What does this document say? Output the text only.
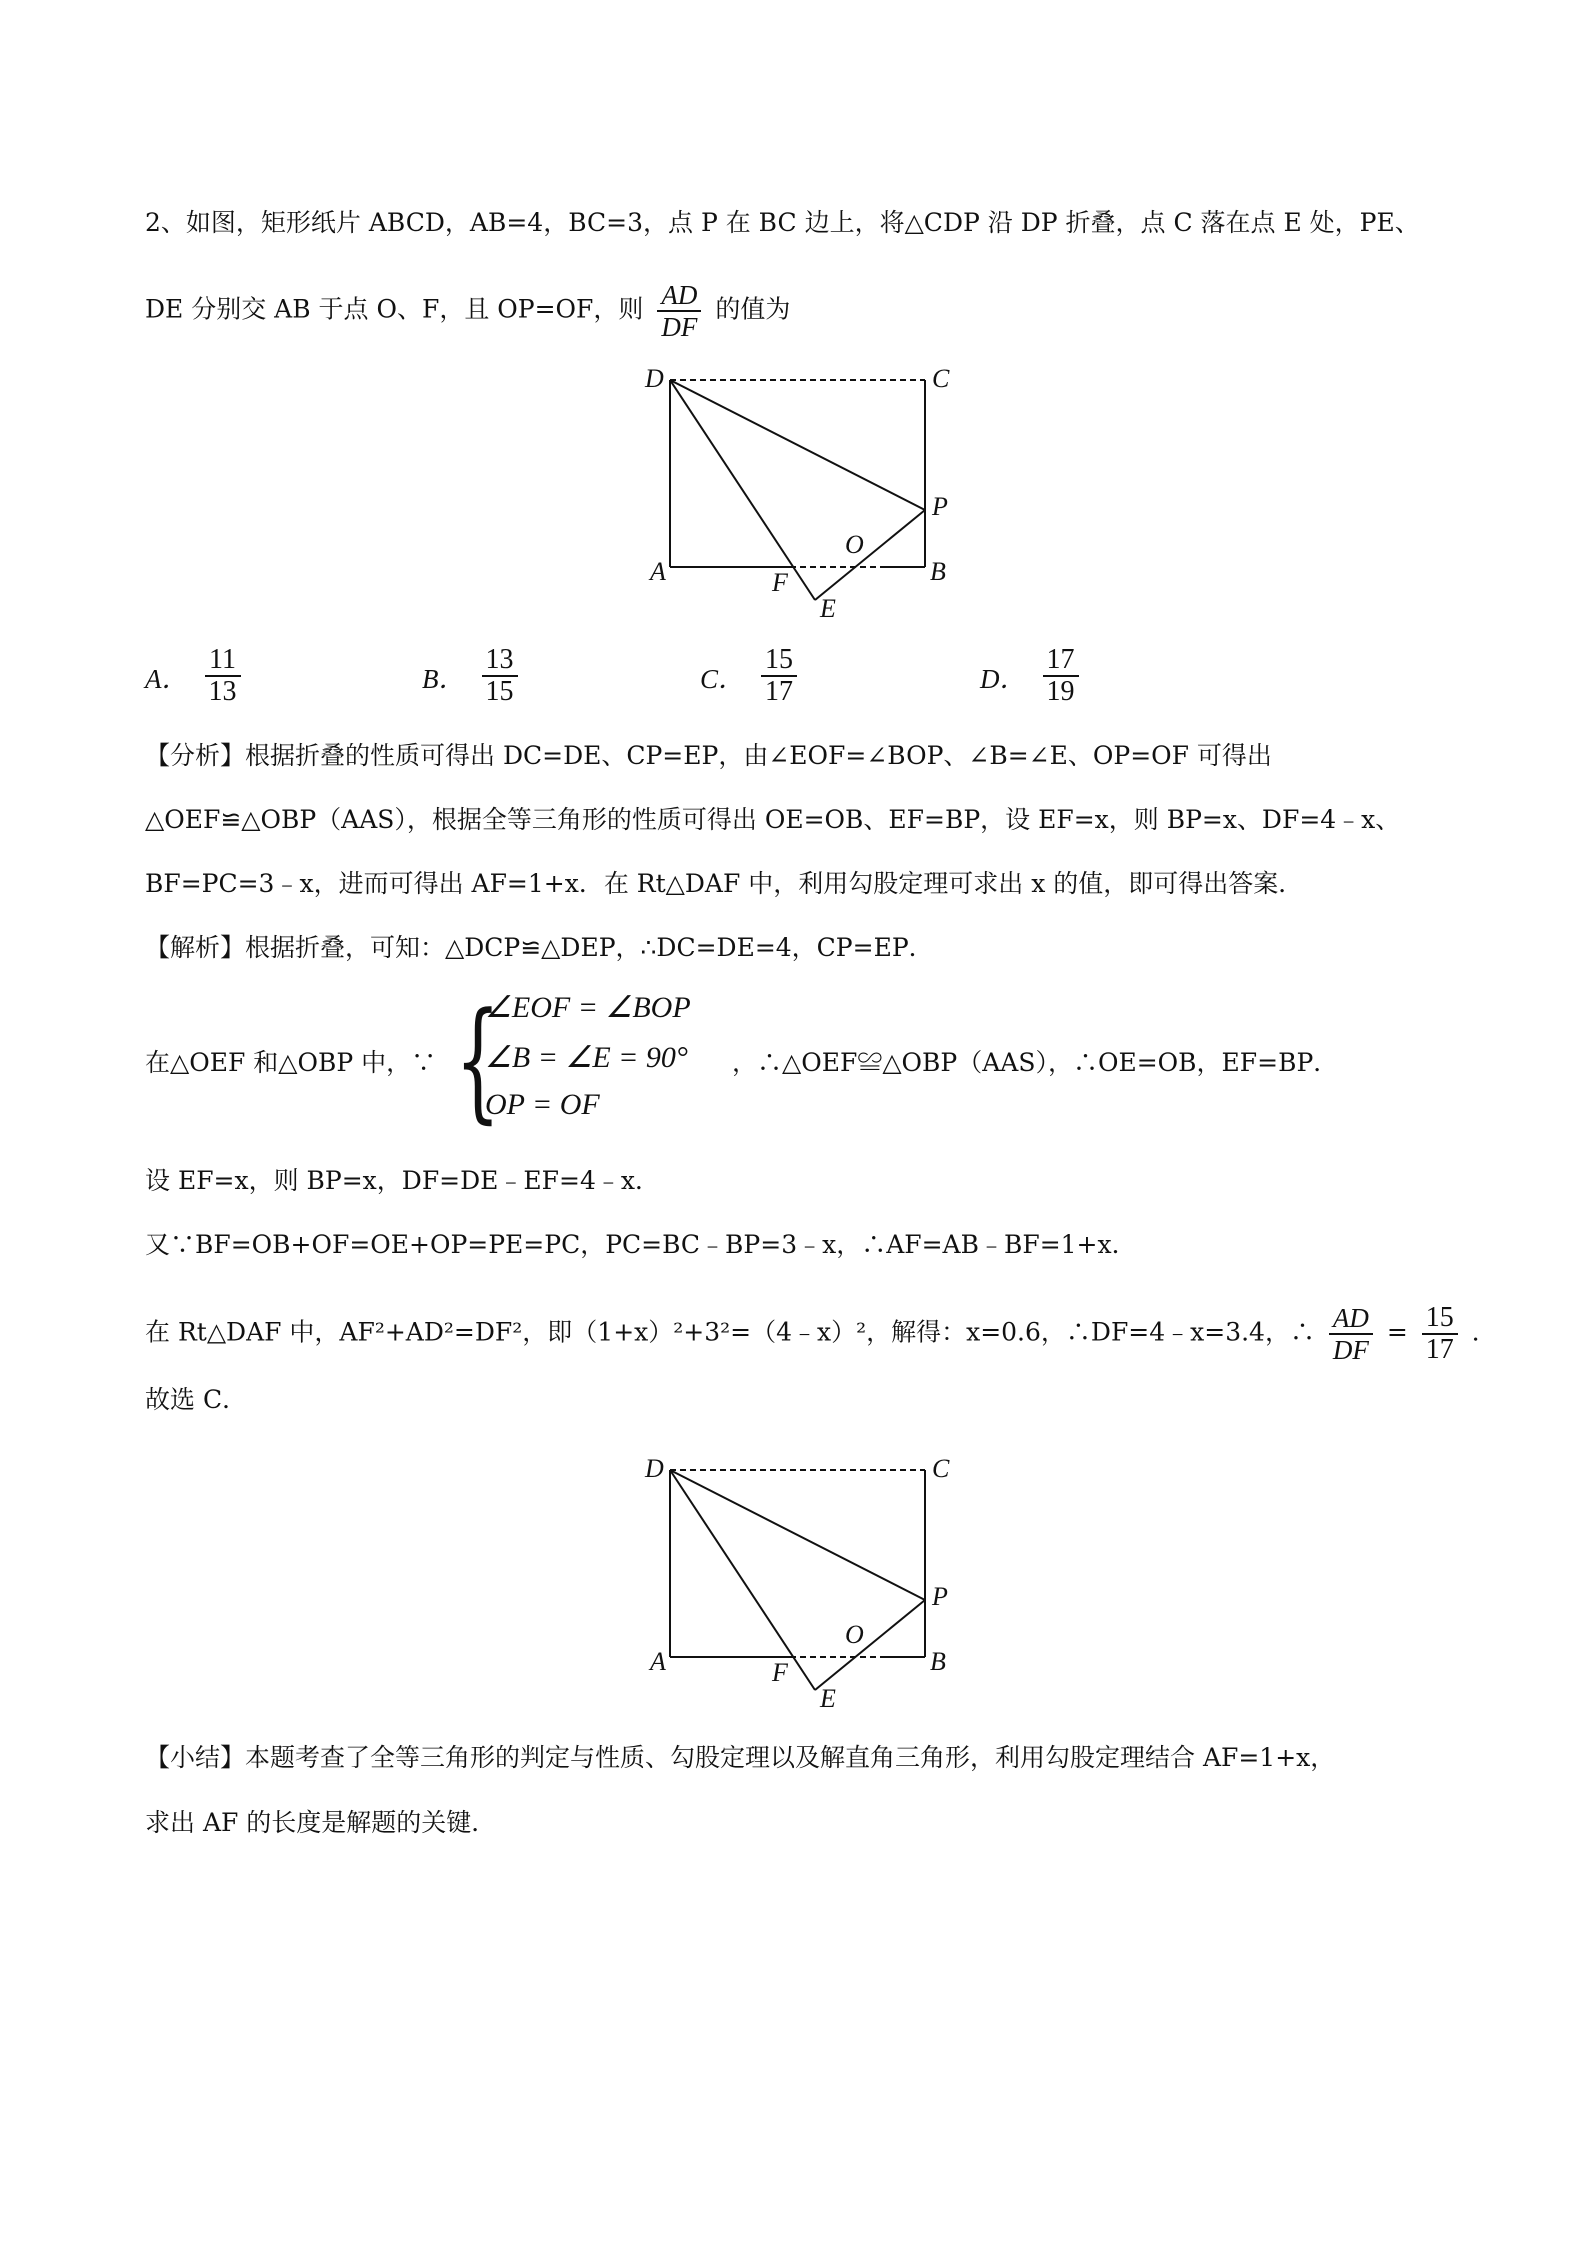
2、如图，矩形纸片 ABCD，AB=4，BC=3，点 P 在 BC 边上，将△CDP 沿 DP 折叠，点 C 落在点 E 处，PE、
DE 分别交 AB 于点 O、F，且 OP=OF，则 $\frac{AD}{DF}$ 的值为
D	C
P
A	F
O
B
E
A． $\frac{11}{13}$	B． $\frac{13}{15}$	C． $\frac{15}{17}$	D． $\frac{17}{19}$
【分析】根据折叠的性质可得出 DC=DE、CP=EP，由∠EOF=∠BOP、∠B=∠E、OP=OF 可得出
△OEF≌△OBP（AAS），根据全等三角形的性质可得出 OE=OB、EF=BP，设 EF=x，则 BP=x、DF=4﹣x、
BF=PC=3﹣x，进而可得出 AF=1+x．在 Rt△DAF 中，利用勾股定理可求出 x 的值，即可得出答案．
【解析】根据折叠，可知：△DCP≌△DEP，∴DC=DE=4，CP=EP．
在△OEF 和△OBP 中，∵ {
∠EOF = ∠BOP
∠B = ∠E = 90°
OP = OF
，∴△OEF≌△OBP（AAS），∴OE=OB，EF=BP．
设 EF=x，则 BP=x，DF=DE﹣EF=4﹣x．
又∵BF=OB+OF=OE+OP=PE=PC，PC=BC﹣BP=3﹣x，∴AF=AB﹣BF=1+x．
在 Rt△DAF 中，AF²+AD²=DF²，即（1+x）²+3²=（4﹣x）²，解得：x=0.6，∴DF=4﹣x=3.4，∴ $\frac{AD}{DF} = \frac{15}{17}$ ．
故选 C．
D	C
P
A	F
O
B
E
【小结】本题考查了全等三角形的判定与性质、勾股定理以及解直角三角形，利用勾股定理结合 AF=1+x，
求出 AF 的长度是解题的关键．
